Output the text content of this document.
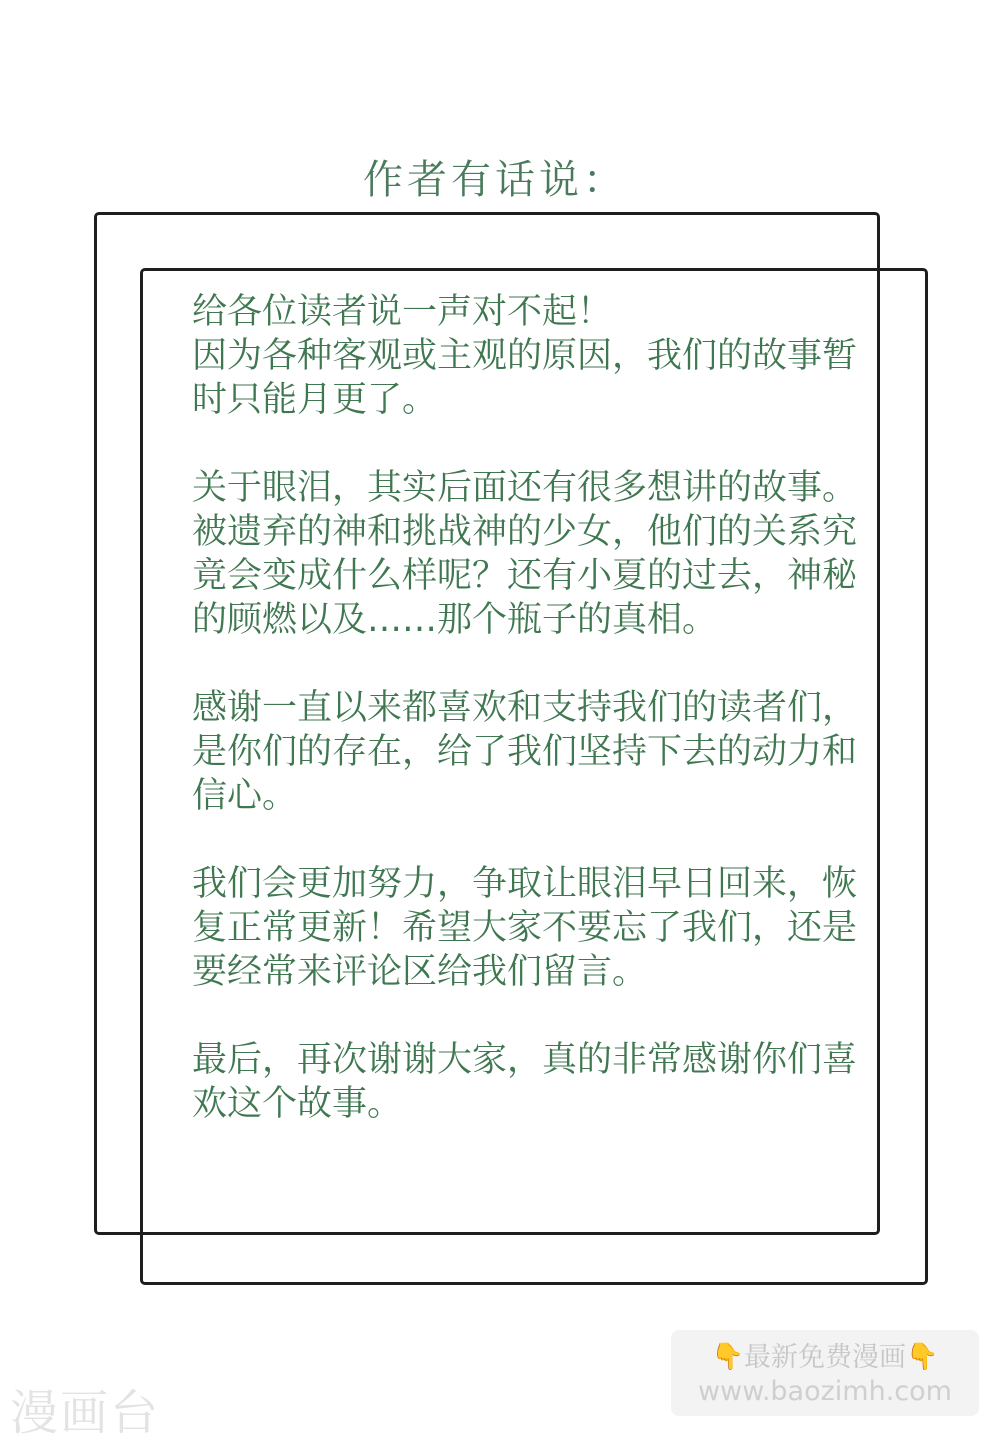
作者有话说：

给各位读者说一声对不起！
因为各种客观或主观的原因，我们的故事暂时只能月更了。

关于眼泪，其实后面还有很多想讲的故事。被遗弃的神和挑战神的少女，他们的关系究竟会变成什么样呢？还有小夏的过去，神秘的顾燃以及……那个瓶子的真相。

感谢一直以来都喜欢和支持我们的读者们，是你们的存在，给了我们坚持下去的动力和信心。

我们会更加努力，争取让眼泪早日回来，恢复正常更新！希望大家不要忘了我们，还是要经常来评论区给我们留言。

最后，再次谢谢大家，真的非常感谢你们喜欢这个故事。

漫画台
👇最新免费漫画👇
www.baozimh.com
